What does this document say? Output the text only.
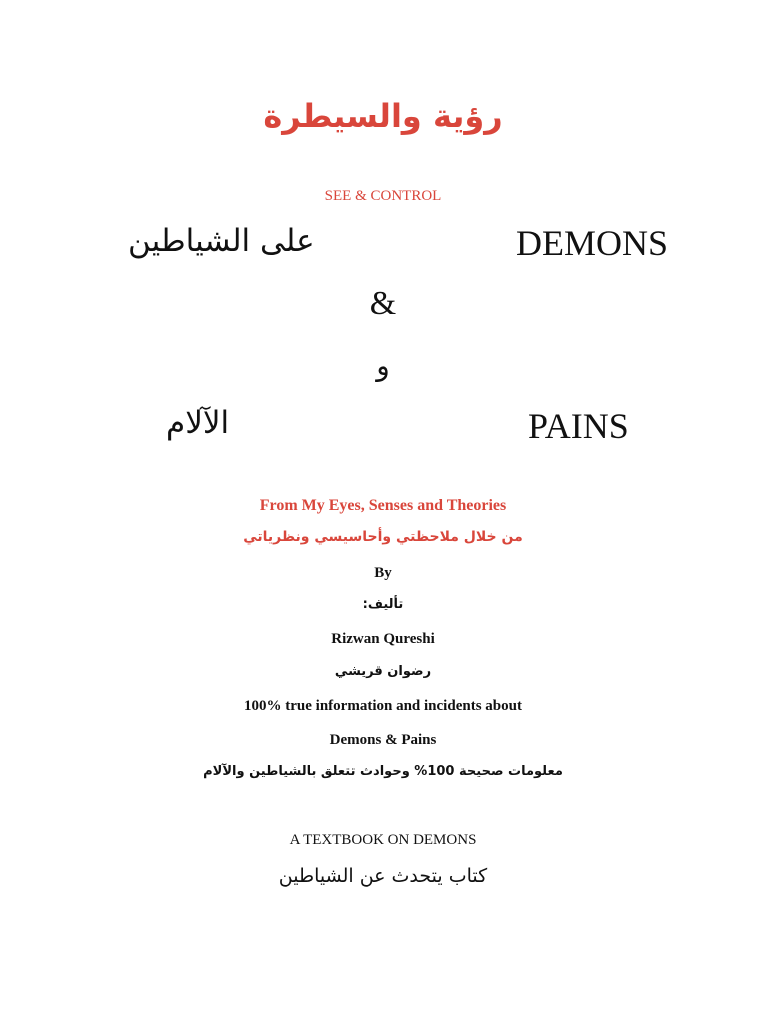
رؤية والسيطرة
SEE & CONTROL
على الشياطين	DEMONS
&
و
الآلام	PAINS
From My Eyes, Senses and Theories
من خلال ملاحظتي وأحاسيسي ونظرياتي
By
تأليف:
Rizwan Qureshi
رضوان قريشي
100% true information and incidents about
Demons & Pains
معلومات صحيحة 100% وحوادث تتعلق بالشياطين والآلام
A TEXTBOOK ON DEMONS
كتاب يتحدث عن الشياطين
